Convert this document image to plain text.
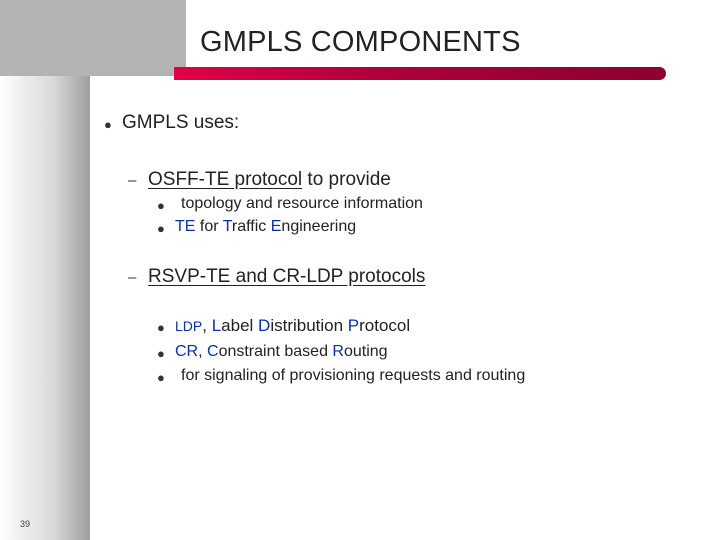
GMPLS COMPONENTS
● GMPLS uses:
– OSFF-TE protocol to provide
● topology and resource information
● TE for Traffic Engineering
– RSVP-TE and CR-LDP protocols
● LDP, Label Distribution Protocol
● CR, Constraint based Routing
● for signaling of provisioning requests and routing
39
